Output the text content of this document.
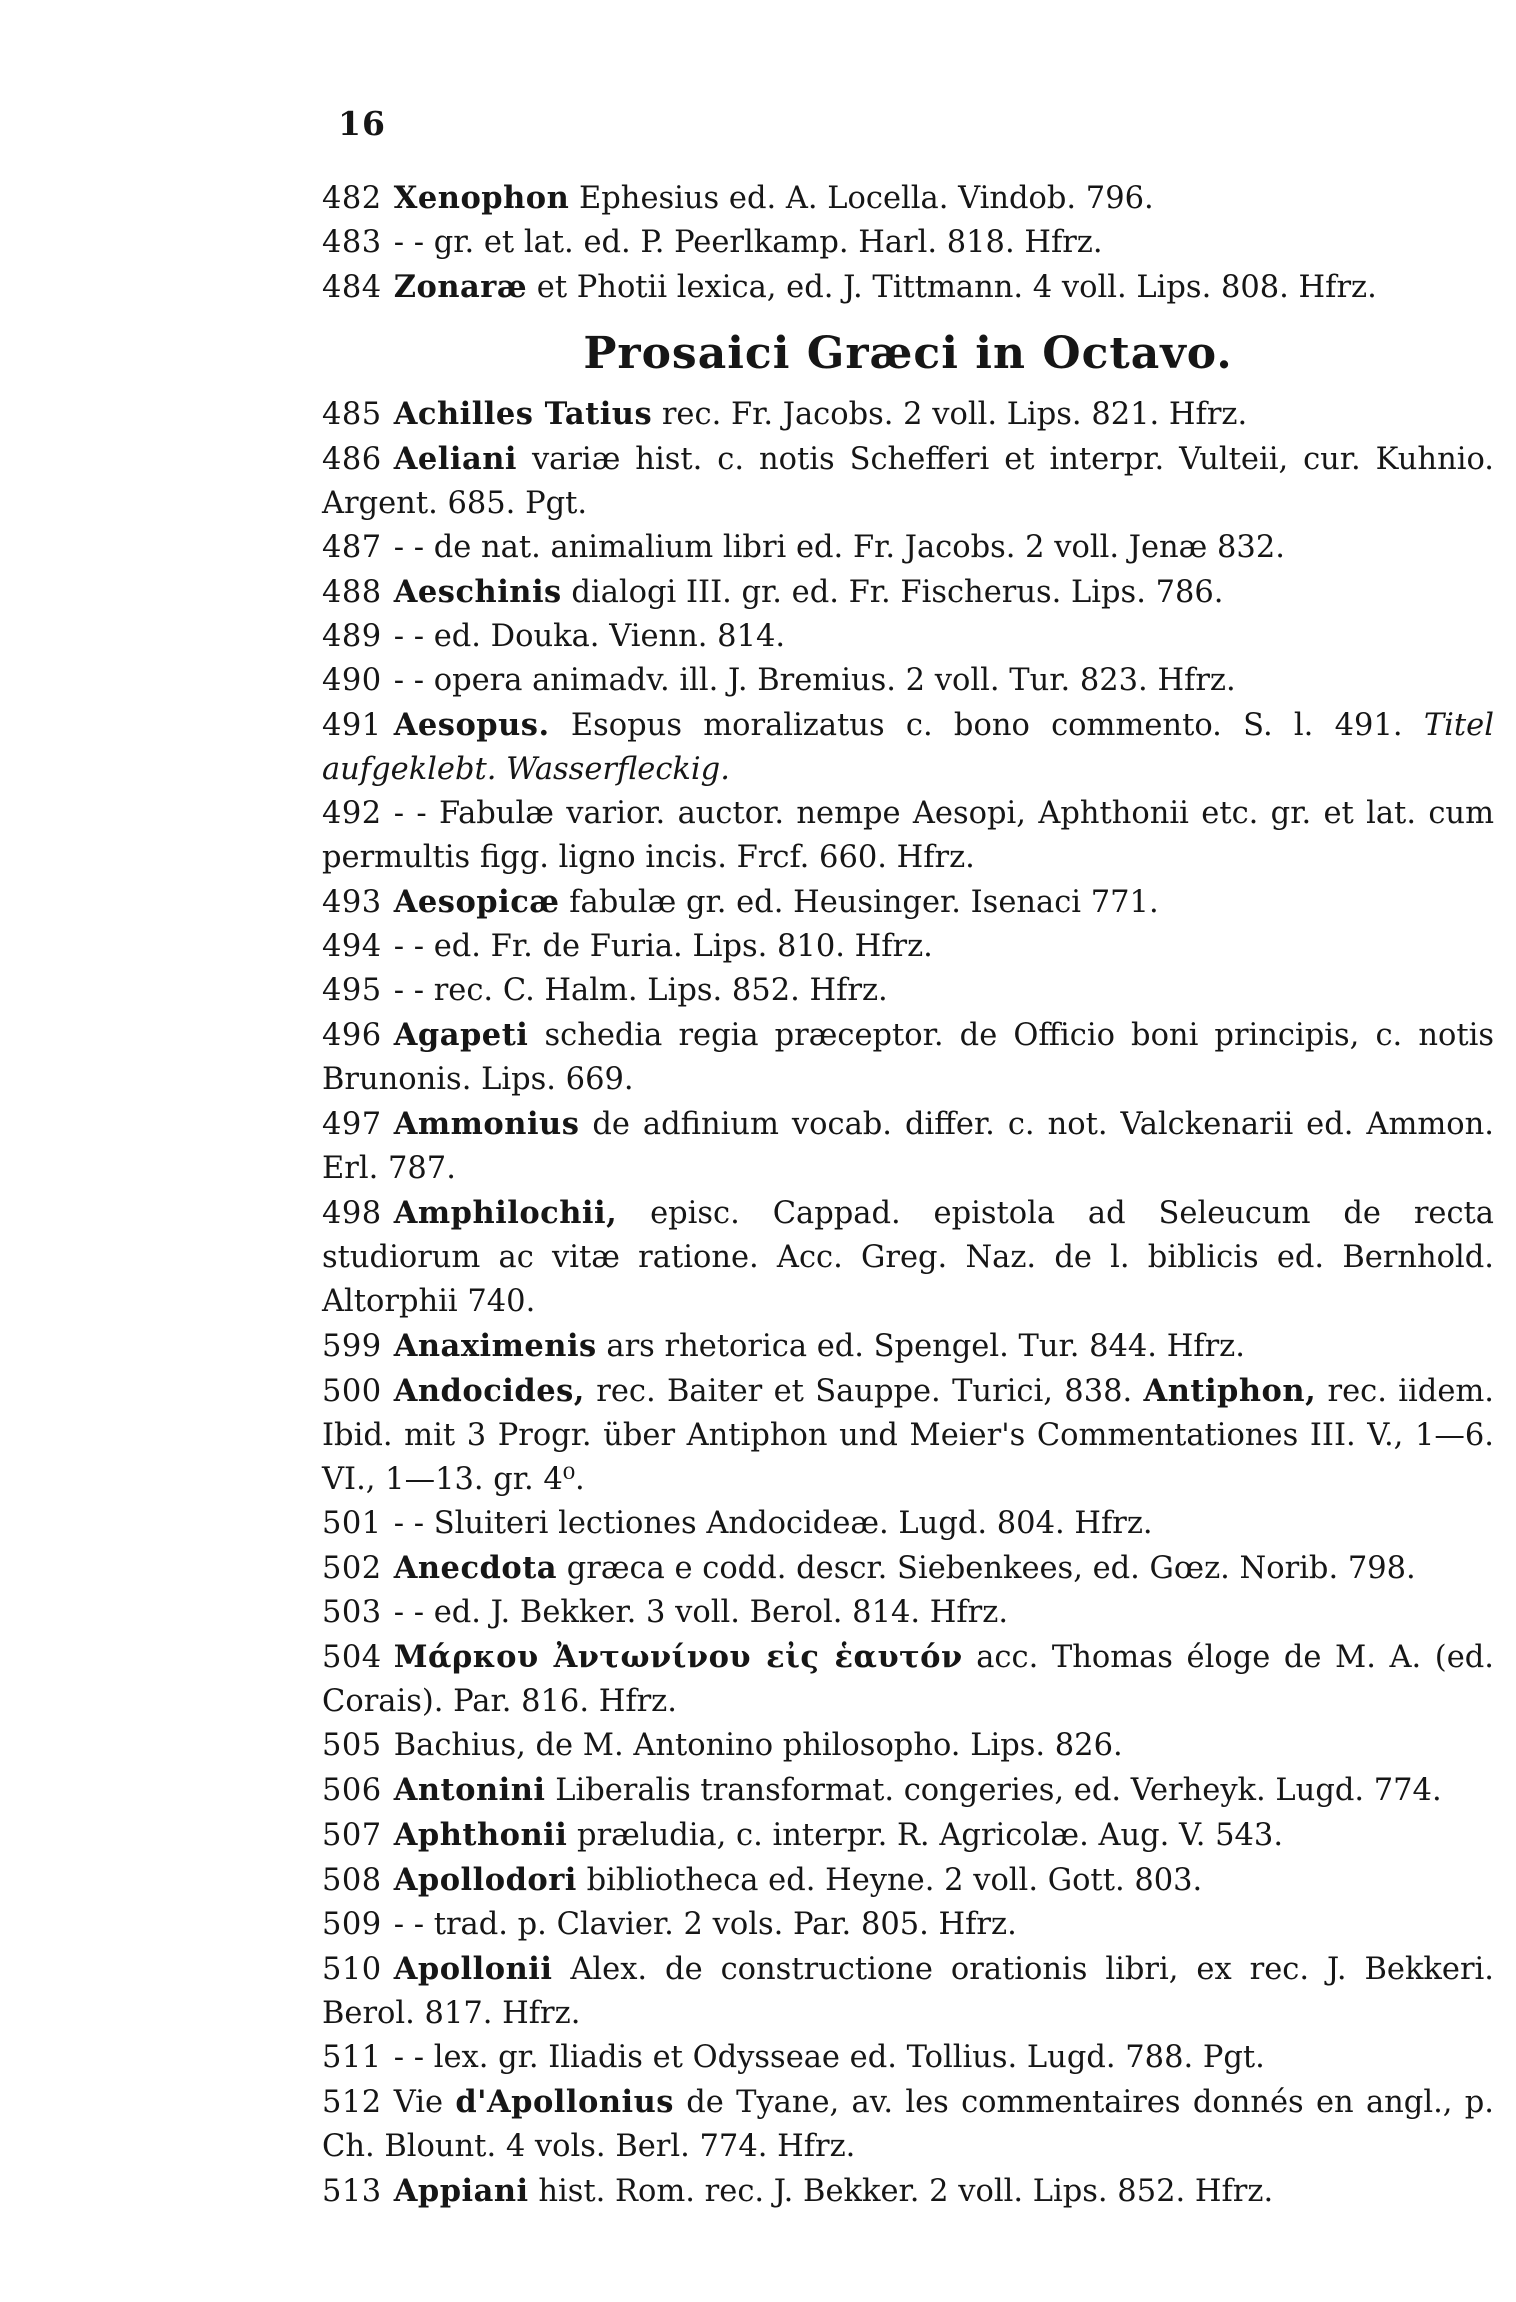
16

482 Xenophon Ephesius ed. A. Locella. Vindob. 796.

483 - - gr. et lat. ed. P. Peerlkamp. Harl. 818. Hfrz.

484 Zonaræ et Photii lexica, ed. J. Tittmann. 4 voll. Lips. 808. Hfrz.

Prosaici Græci in Octavo.

485 Achilles Tatius rec. Fr. Jacobs. 2 voll. Lips. 821. Hfrz.

486 Aeliani variæ hist. c. notis Schefferi et interpr. Vulteii, cur. Kuhnio. Argent. 685. Pgt.

487 - - de nat. animalium libri ed. Fr. Jacobs. 2 voll. Jenæ 832.

488 Aeschinis dialogi III. gr. ed. Fr. Fischerus. Lips. 786.

489 - - ed. Douka. Vienn. 814.

490 - - opera animadv. ill. J. Bremius. 2 voll. Tur. 823. Hfrz.

491 Aesopus. Esopus moralizatus c. bono commento. S. l. 491. Titel aufgeklebt. Wasserfleckig.

492 - - Fabulæ varior. auctor. nempe Aesopi, Aphthonii etc. gr. et lat. cum permultis figg. ligno incis. Frcf. 660. Hfrz.

493 Aesopicæ fabulæ gr. ed. Heusinger. Isenaci 771.

494 - - ed. Fr. de Furia. Lips. 810. Hfrz.

495 - - rec. C. Halm. Lips. 852. Hfrz.

496 Agapeti schedia regia præceptor. de Officio boni principis, c. notis Brunonis. Lips. 669.

497 Ammonius de adfinium vocab. differ. c. not. Valckenarii ed. Ammon. Erl. 787.

498 Amphilochii, episc. Cappad. epistola ad Seleucum de recta studiorum ac vitæ ratione. Acc. Greg. Naz. de l. biblicis ed. Bernhold. Altorphii 740.

599 Anaximenis ars rhetorica ed. Spengel. Tur. 844. Hfrz.

500 Andocides, rec. Baiter et Sauppe. Turici, 838. Antiphon, rec. iidem. Ibid. mit 3 Progr. über Antiphon und Meier's Commentationes III. V., 1—6. VI., 1—13. gr. 4⁰.

501 - - Sluiteri lectiones Andocideæ. Lugd. 804. Hfrz.

502 Anecdota græca e codd. descr. Siebenkees, ed. Gœz. Norib. 798.

503 - - ed. J. Bekker. 3 voll. Berol. 814. Hfrz.

504 Μάρκου Ἀντωνίνου εἰς ἑαυτόν acc. Thomas éloge de M. A. (ed. Corais). Par. 816. Hfrz.

505 Bachius, de M. Antonino philosopho. Lips. 826.

506 Antonini Liberalis transformat. congeries, ed. Verheyk. Lugd. 774.

507 Aphthonii præludia, c. interpr. R. Agricolæ. Aug. V. 543.

508 Apollodori bibliotheca ed. Heyne. 2 voll. Gott. 803.

509 - - trad. p. Clavier. 2 vols. Par. 805. Hfrz.

510 Apollonii Alex. de constructione orationis libri, ex rec. J. Bekkeri. Berol. 817. Hfrz.

511 - - lex. gr. Iliadis et Odysseae ed. Tollius. Lugd. 788. Pgt.

512 Vie d'Apollonius de Tyane, av. les commentaires donnés en angl., p. Ch. Blount. 4 vols. Berl. 774. Hfrz.

513 Appiani hist. Rom. rec. J. Bekker. 2 voll. Lips. 852. Hfrz.
